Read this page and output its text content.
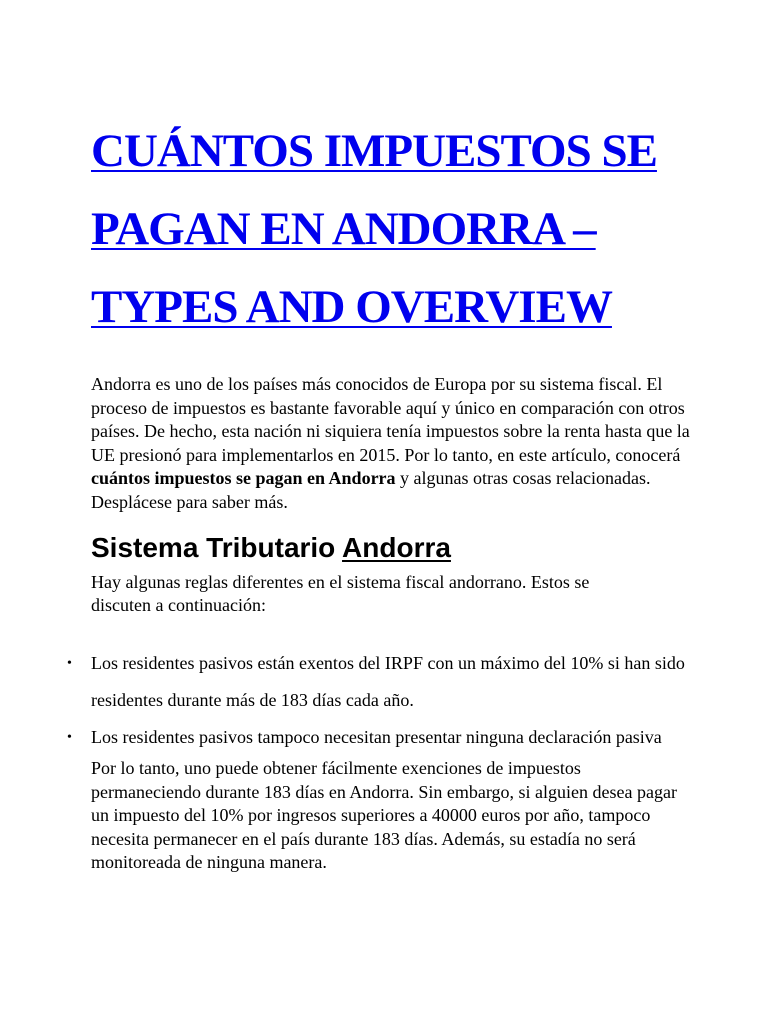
CUÁNTOS IMPUESTOS SE
PAGAN EN ANDORRA –
TYPES AND OVERVIEW

Andorra es uno de los países más conocidos de Europa por su sistema fiscal. El proceso de impuestos es bastante favorable aquí y único en comparación con otros países. De hecho, esta nación ni siquiera tenía impuestos sobre la renta hasta que la UE presionó para implementarlos en 2015. Por lo tanto, en este artículo, conocerá cuántos impuestos se pagan en Andorra y algunas otras cosas relacionadas. Desplácese para saber más.

Sistema Tributario Andorra

Hay algunas reglas diferentes en el sistema fiscal andorrano. Estos se discuten a continuación:

• Los residentes pasivos están exentos del IRPF con un máximo del 10% si han sido residentes durante más de 183 días cada año.
• Los residentes pasivos tampoco necesitan presentar ninguna declaración pasiva

Por lo tanto, uno puede obtener fácilmente exenciones de impuestos permaneciendo durante 183 días en Andorra. Sin embargo, si alguien desea pagar un impuesto del 10% por ingresos superiores a 40000 euros por año, tampoco necesita permanecer en el país durante 183 días. Además, su estadía no será monitoreada de ninguna manera.
